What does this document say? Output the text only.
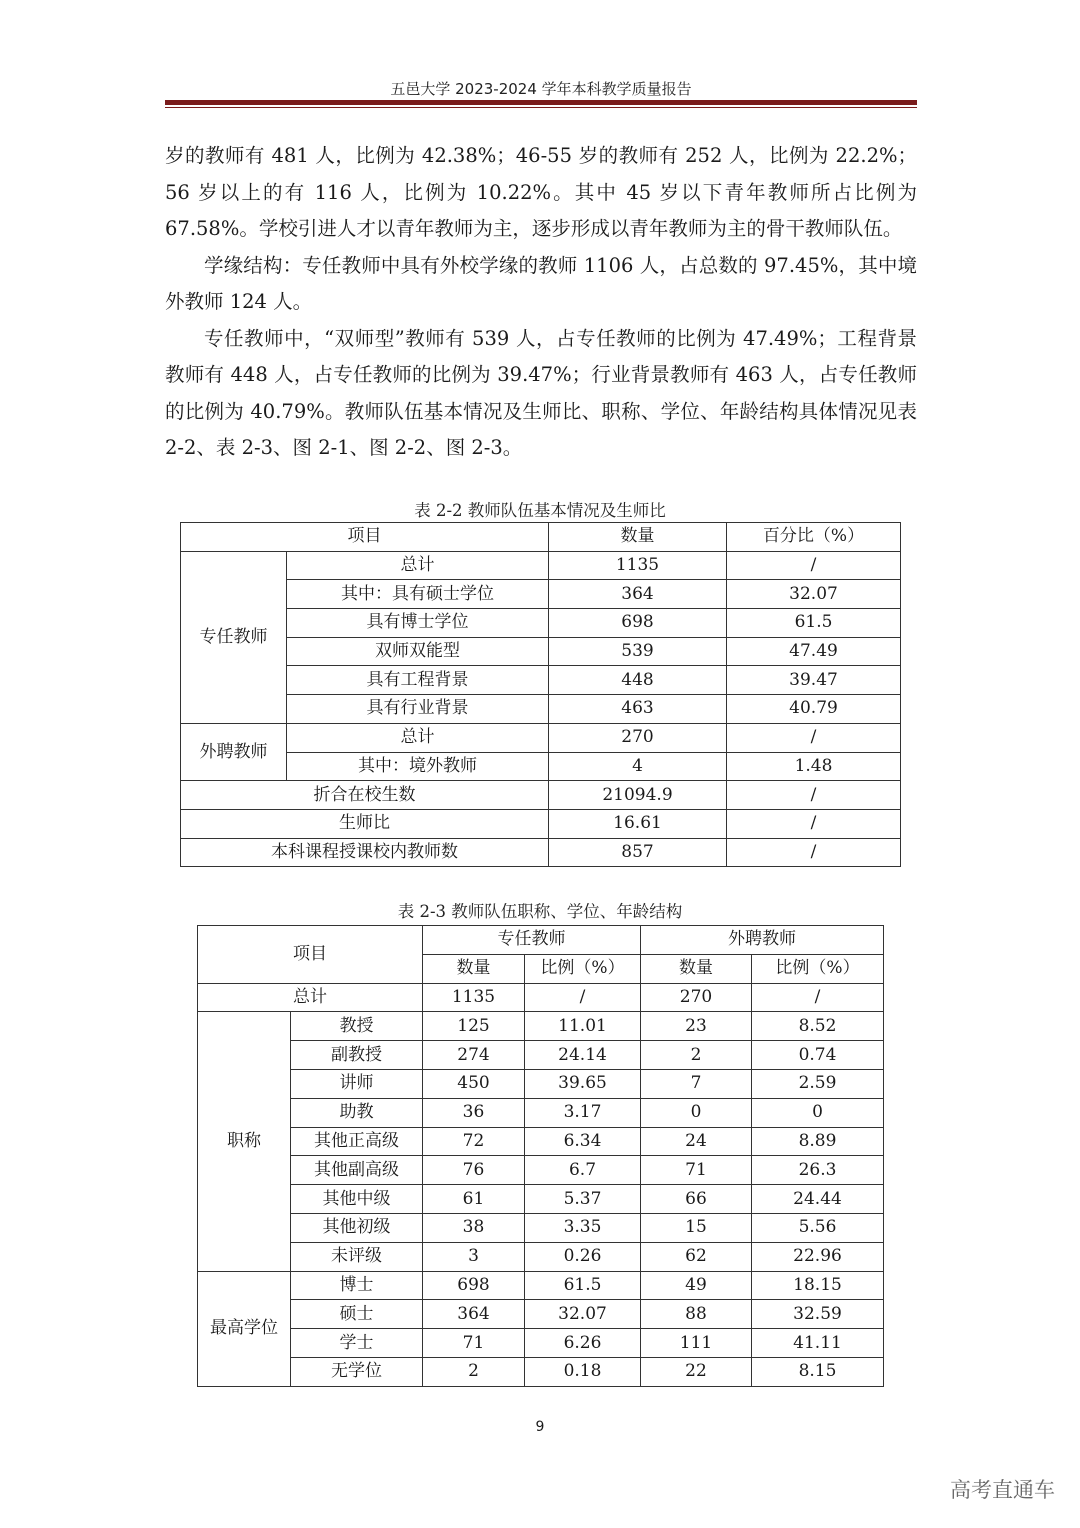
五邑大学 2023-2024 学年本科教学质量报告

岁的教师有 481 人，比例为 42.38%；46-55 岁的教师有 252 人，比例为 22.2%；56 岁以上的有 116 人，比例为 10.22%。其中 45 岁以下青年教师所占比例为 67.58%。学校引进人才以青年教师为主，逐步形成以青年教师为主的骨干教师队伍。

学缘结构：专任教师中具有外校学缘的教师 1106 人，占总数的 97.45%，其中境外教师 124 人。

专任教师中，“双师型”教师有 539 人，占专任教师的比例为 47.49%；工程背景教师有 448 人，占专任教师的比例为 39.47%；行业背景教师有 463 人，占专任教师的比例为 40.79%。教师队伍基本情况及生师比、职称、学位、年龄结构具体情况见表 2-2、表 2-3、图 2-1、图 2-2、图 2-3。

表 2-2 教师队伍基本情况及生师比
项目		数量	百分比（%）
专任教师	总计	1135	/
	其中：具有硕士学位	364	32.07
	具有博士学位	698	61.5
	双师双能型	539	47.49
	具有工程背景	448	39.47
	具有行业背景	463	40.79
外聘教师	总计	270	/
	其中：境外教师	4	1.48
折合在校生数		21094.9	/
生师比		16.61	/
本科课程授课校内教师数		857	/
表 2-3 教师队伍职称、学位、年龄结构
项目		专任教师		外聘教师	
		数量	比例（%）	数量	比例（%）
总计		1135	/	270	/
职称	教授	125	11.01	23	8.52
	副教授	274	24.14	2	0.74
	讲师	450	39.65	7	2.59
	助教	36	3.17	0	0
	其他正高级	72	6.34	24	8.89
	其他副高级	76	6.7	71	26.3
	其他中级	61	5.37	66	24.44
	其他初级	38	3.35	15	5.56
	未评级	3	0.26	62	22.96
最高学位	博士	698	61.5	49	18.15
	硕士	364	32.07	88	32.59
	学士	71	6.26	111	41.11
	无学位	2	0.18	22	8.15
9
高考直通车
